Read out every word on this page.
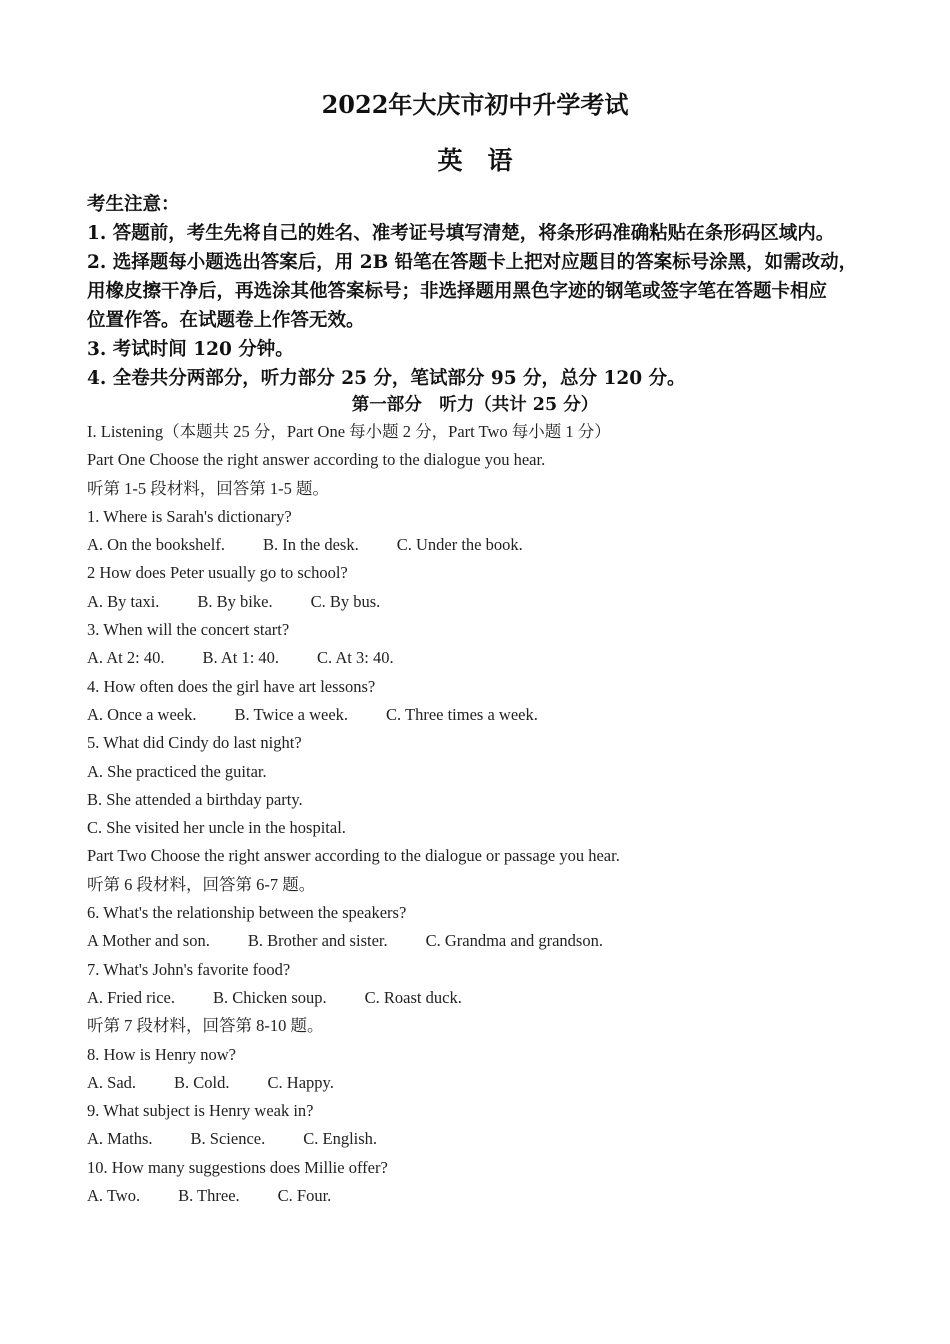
2022年大庆市初中升学考试
英　语
考生注意：
1. 答题前，考生先将自己的姓名、准考证号填写清楚，将条形码准确粘贴在条形码区域内。
2. 选择题每小题选出答案后，用 2B 铅笔在答题卡上把对应题目的答案标号涂黑，如需改动，
用橡皮擦干净后，再选涂其他答案标号；非选择题用黑色字迹的钢笔或签字笔在答题卡相应
位置作答。在试题卷上作答无效。
3. 考试时间 120 分钟。
4. 全卷共分两部分，听力部分 25 分，笔试部分 95 分，总分 120 分。
第一部分　听力（共计 25 分）
I. Listening（本题共 25 分，Part One 每小题 2 分，Part Two 每小题 1 分）
Part One Choose the right answer according to the dialogue you hear.
听第 1-5 段材料，回答第 1-5 题。
1. Where is Sarah's dictionary?
A. On the bookshelf. B. In the desk. C. Under the book.
2 How does Peter usually go to school?
A. By taxi. B. By bike. C. By bus.
3. When will the concert start?
A. At 2: 40. B. At 1: 40. C. At 3: 40.
4. How often does the girl have art lessons?
A. Once a week. B. Twice a week. C. Three times a week.
5. What did Cindy do last night?
A. She practiced the guitar.
B. She attended a birthday party.
C. She visited her uncle in the hospital.
Part Two Choose the right answer according to the dialogue or passage you hear.
听第 6 段材料，回答第 6-7 题。
6. What's the relationship between the speakers?
A Mother and son. B. Brother and sister. C. Grandma and grandson.
7. What's John's favorite food?
A. Fried rice. B. Chicken soup. C. Roast duck.
听第 7 段材料，回答第 8-10 题。
8. How is Henry now?
A. Sad. B. Cold. C. Happy.
9. What subject is Henry weak in?
A. Maths. B. Science. C. English.
10. How many suggestions does Millie offer?
A. Two. B. Three. C. Four.
